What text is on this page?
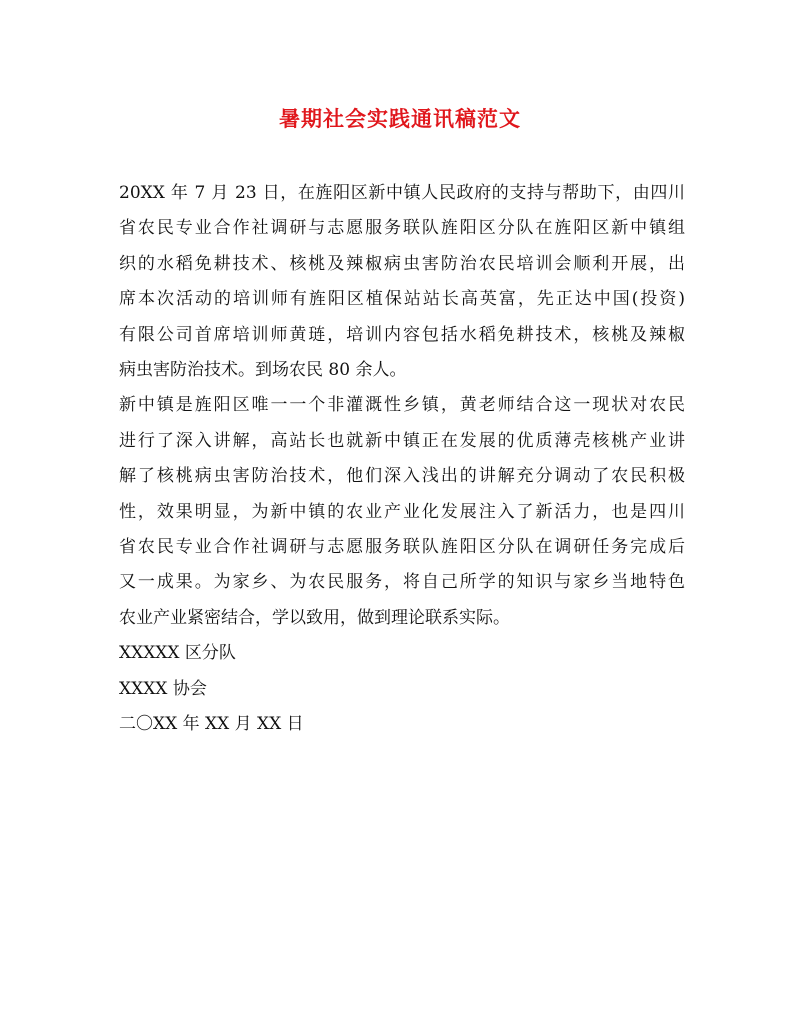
暑期社会实践通讯稿范文

20XX 年 7 月 23 日，在旌阳区新中镇人民政府的支持与帮助下，由四川
省农民专业合作社调研与志愿服务联队旌阳区分队在旌阳区新中镇组
织的水稻免耕技术、核桃及辣椒病虫害防治农民培训会顺利开展，出
席本次活动的培训师有旌阳区植保站站长高英富，先正达中国(投资)
有限公司首席培训师黄琏，培训内容包括水稻免耕技术，核桃及辣椒
病虫害防治技术。到场农民 80 余人。

新中镇是旌阳区唯一一个非灌溉性乡镇，黄老师结合这一现状对农民
进行了深入讲解，高站长也就新中镇正在发展的优质薄壳核桃产业讲
解了核桃病虫害防治技术，他们深入浅出的讲解充分调动了农民积极
性，效果明显，为新中镇的农业产业化发展注入了新活力，也是四川
省农民专业合作社调研与志愿服务联队旌阳区分队在调研任务完成后
又一成果。为家乡、为农民服务，将自己所学的知识与家乡当地特色
农业产业紧密结合，学以致用，做到理论联系实际。

XXXXX 区分队

XXXX 协会

二〇XX 年 XX 月 XX 日
